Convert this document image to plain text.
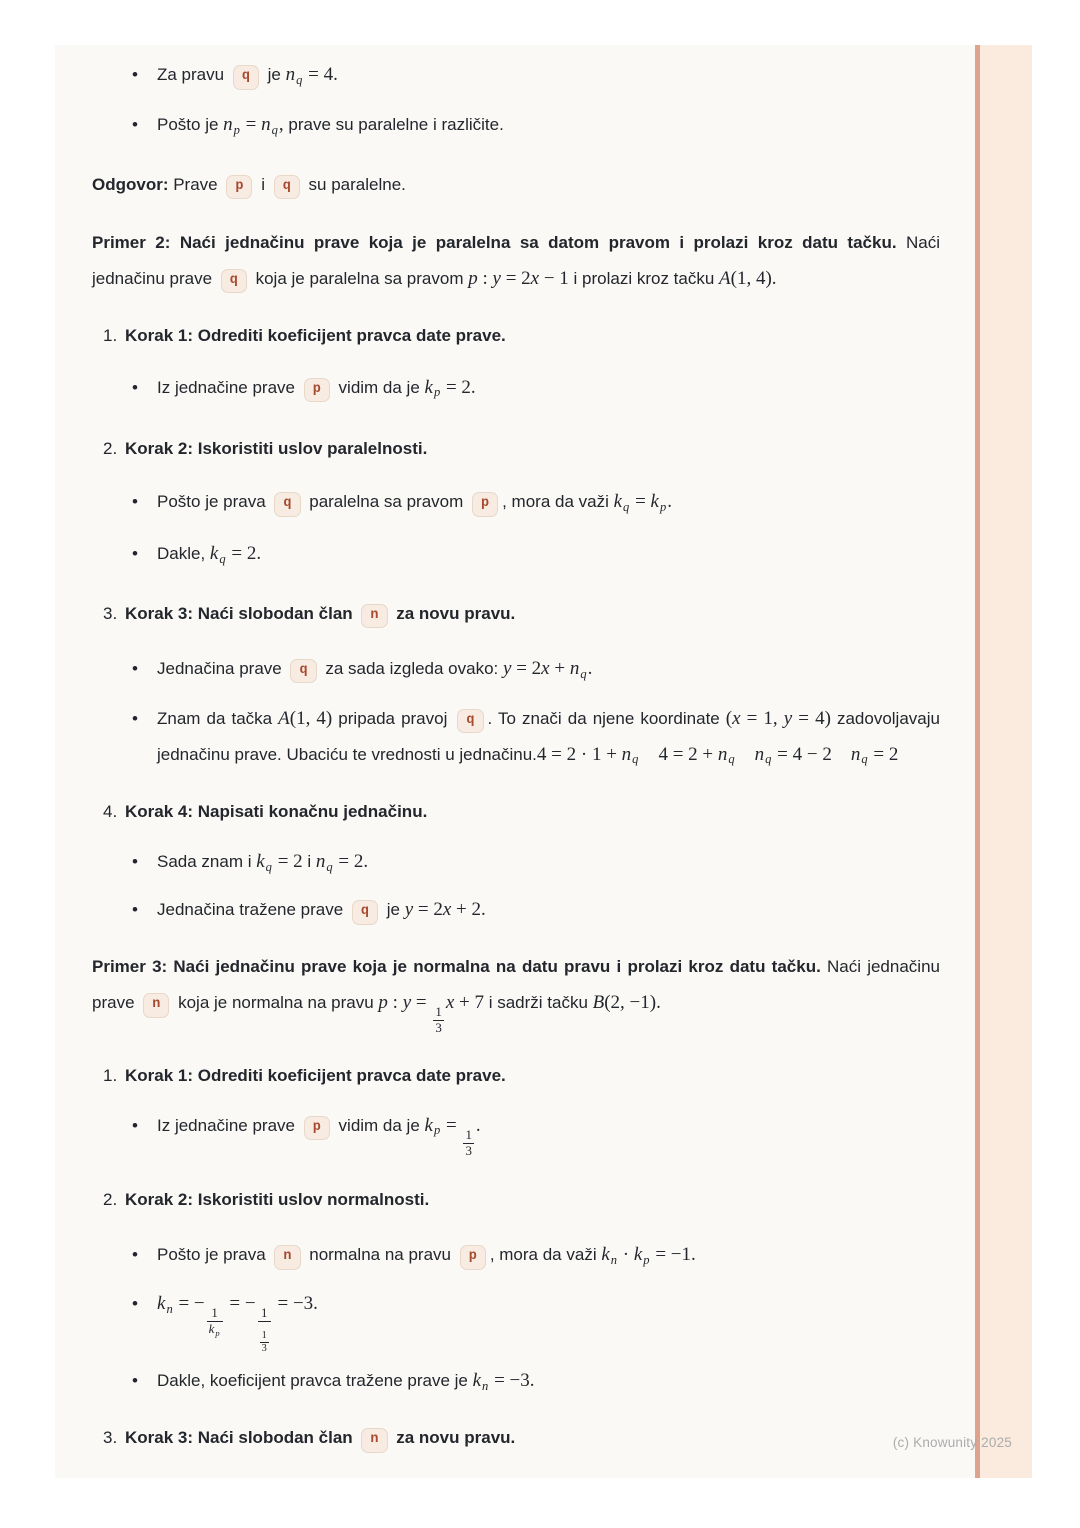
• Za pravu q je nq = 4.
• Pošto je np = nq, prave su paralelne i različite.
Odgovor: Prave p i q su paralelne.
Primer 2: Naći jednačinu prave koja je paralelna sa datom pravom i prolazi kroz datu tačku. Naći jednačinu prave q koja je paralelna sa pravom p : y = 2x − 1 i prolazi kroz tačku A(1, 4).
1. Korak 1: Odrediti koeficijent pravca date prave.
• Iz jednačine prave p vidim da je kp = 2.
2. Korak 2: Iskoristiti uslov paralelnosti.
• Pošto je prava q paralelna sa pravom p , mora da važi kq = kp.
• Dakle, kq = 2.
3. Korak 3: Naći slobodan član n za novu pravu.
• Jednačina prave q za sada izgleda ovako: y = 2x + nq.
• Znam da tačka A(1, 4) pripada pravoj q . To znači da njene koordinate (x = 1, y = 4) zadovoljavaju jednačinu prave. Ubaciću te vrednosti u jednačinu.4 = 2 · 1 + nq   4 = 2 + nq   nq = 4 − 2   nq = 2
4. Korak 4: Napisati konačnu jednačinu.
• Sada znam i kq = 2 i nq = 2.
• Jednačina tražene prave q je y = 2x + 2.
Primer 3: Naći jednačinu prave koja je normalna na datu pravu i prolazi kroz datu tačku. Naći jednačinu prave n koja je normalna na pravu p : y =
$\frac{1}{3}$
x + 7 i sadrži tačku B(2, −1).
1. Korak 1: Odrediti koeficijent pravca date prave.
• Iz jednačine prave p vidim da je kp =
$\frac{1}{3}$
.
2. Korak 2: Iskoristiti uslov normalnosti.
• Pošto je prava n normalna na pravu p , mora da važi kn · kp = −1.
• kn = −
$\frac{1}{kp}$
= −
$\frac{1}{\frac{1}{3}}$
= −3.
• Dakle, koeficijent pravca tražene prave je kn = −3.
3. Korak 3: Naći slobodan član n za novu pravu.	(c) Knowunity 2025
